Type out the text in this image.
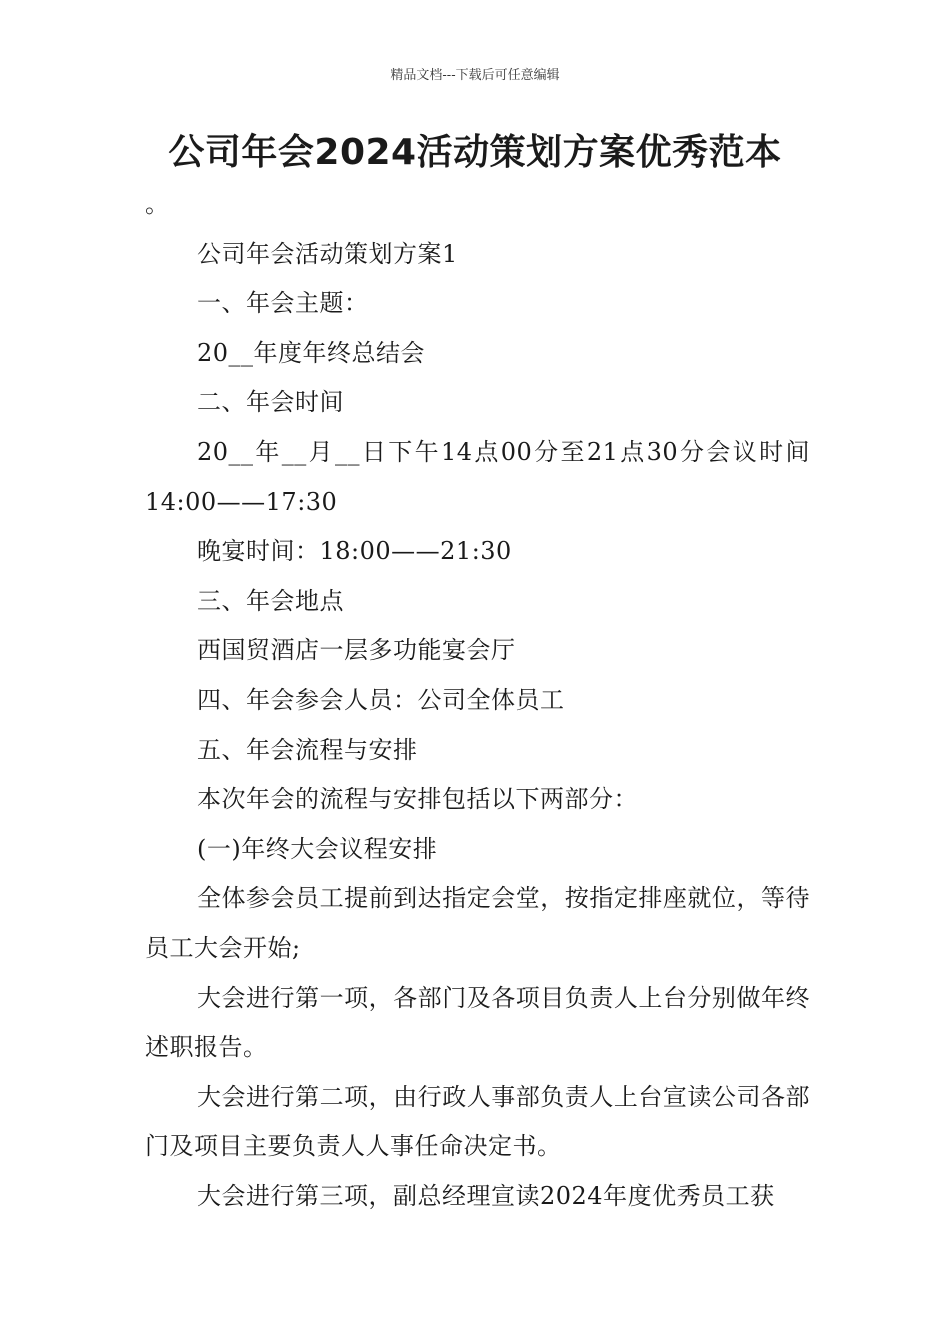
精品文档---下载后可任意编辑
公司年会2024活动策划方案优秀范本

。

公司年会活动策划方案1

一、年会主题：

20__年度年终总结会

二、年会时间

20__年__月__日下午14点00分至21点30分会议时间14:00——17:30

晚宴时间：18:00——21:30

三、年会地点

西国贸酒店一层多功能宴会厅

四、年会参会人员：公司全体员工

五、年会流程与安排

本次年会的流程与安排包括以下两部分：

(一)年终大会议程安排

全体参会员工提前到达指定会堂，按指定排座就位，等待员工大会开始;

大会进行第一项，各部门及各项目负责人上台分别做年终述职报告。

大会进行第二项，由行政人事部负责人上台宣读公司各部门及项目主要负责人人事任命决定书。

大会进行第三项，副总经理宣读2024年度优秀员工获
